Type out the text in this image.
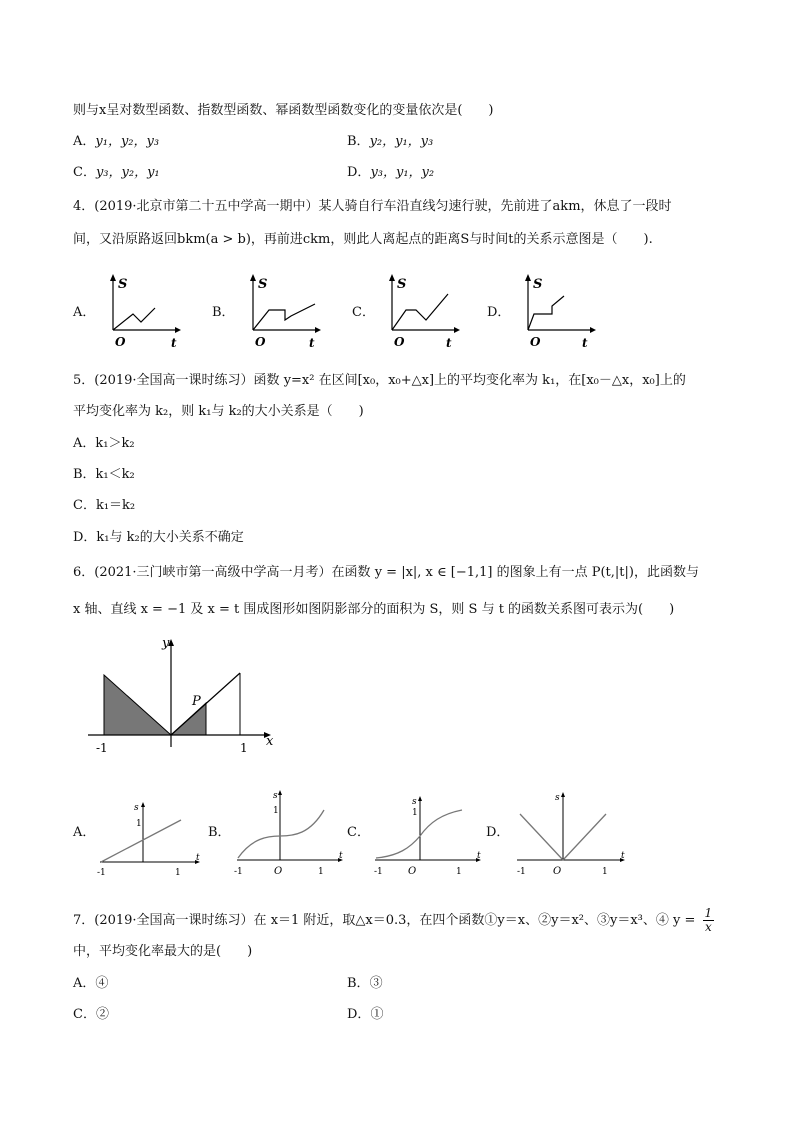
则与x呈对数型函数、指数型函数、幂函数型函数变化的变量依次是(　　)
A．y₁，y₂，y₃	B．y₂，y₁，y₃
C．y₃，y₂，y₁	D．y₃，y₁，y₂
4．(2019·北京市第二十五中学高一期中）某人骑自行车沿直线匀速行驶，先前进了akm，休息了一段时
间，又沿原路返回bkm(a > b)，再前进ckm，则此人离起点的距离S与时间t的关系示意图是（　　).
A．	B．	C．	D．
S
O	t
S
O	t
S
O	t
S
O	t
5．(2019·全国高一课时练习）函数 y=x² 在区间[x₀，x₀+△x]上的平均变化率为 k₁，在[x₀－△x，x₀]上的
平均变化率为 k₂，则 k₁与 k₂的大小关系是（　　)
A．k₁＞k₂
B．k₁＜k₂
C．k₁＝k₂
D．k₁与 k₂的大小关系不确定
6．(2021·三门峡市第一高级中学高一月考）在函数 y = |x|, x ∈ [−1,1] 的图象上有一点 P(t,|t|)，此函数与
x 轴、直线 x = −1 及 x = t 围成图形如图阴影部分的面积为 S，则 S 与 t 的函数关系图可表示为(　　)
y
x
P
-1	1
A．	B．	C．	D．
s
1
t
-1	1
s
1
t
-1	O	1
s
1
t
-1	O	1
s
t
-1	O	1
7．(2019·全国高一课时练习）在 x＝1 附近，取△x＝0.3，在四个函数①y＝x、②y＝x²、③y＝x³、④ $y = \frac{1}{x}$
中，平均变化率最大的是(　　)
A．④	B．③
C．②	D．①
